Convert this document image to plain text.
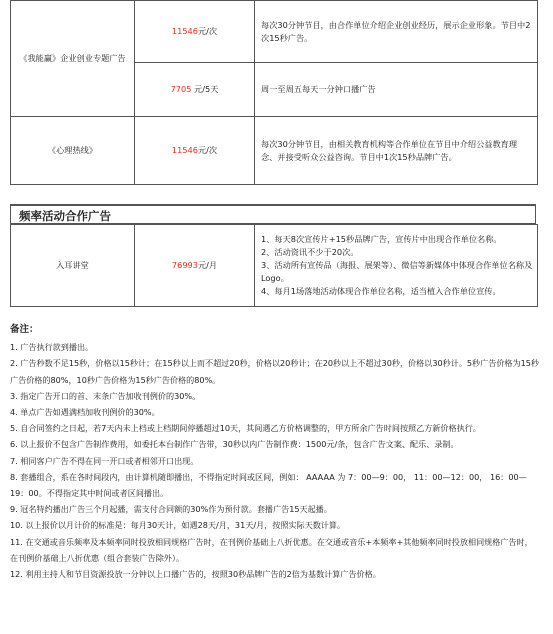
《我能赢》企业创业专题广告	11546元/次	每次30分钟节目，由合作单位介绍企业创业经历，展示企业形象。节目中2次15秒广告。
	7705 元/5天	周一至周五每天一分钟口播广告
《心理热线》	11546元/次	每次30分钟节目，由相关教育机构等合作单位在节目中介绍公益教育理念、并接受听众公益咨询。节目中1次15秒品牌广告。
频率活动合作广告
入耳讲堂	76993元/月	
1、每天8次宣传片+15秒品牌广告，宣传片中出现合作单位名称。
2、活动资讯不少于20次。
3、活动所有宣传品（海报、展架等）、微信等新媒体中体现合作单位名称及Logo。
4、每月1场落地活动体现合作单位名称，适当植入合作单位宣传。
备注：

1. 广告执行款到播出。

2. 广告秒数不足15秒，价格以15秒计；在15秒以上而不超过20秒，价格以20秒计；在20秒以上不超过30秒，价格以30秒计。5秒广告价格为15秒广告价格的80%，10秒广告价格为15秒广告价格的80%。

3. 指定广告开口的首、末条广告加收刊例价的30%。

4. 单点广告如遇满档加收刊例价的30%。

5. 自合同签约之日起，若7天内未上档或上档期间停播超过10天，其间遇乙方价格调整的，甲方所余广告时间按照乙方新价格执行。

6. 以上报价不包含广告制作费用，如委托本台制作广告带，30秒以内广告制作费：1500元/条，包含广告文案、配乐、录制。

7. 相同客户广告不得在同一开口或者相邻开口出现。

8. 套播组合，系在各时间段内，由计算机随即播出，不得指定时间或区间，例如： AAAAA 为 7：00—9：00， 11：00—12：00， 16：00—19：00。不得指定其中时间或者区间播出。

9. 冠名特约播出广告三个月起播，需支付合同额的30%作为预付款。套播广告15天起播。

10. 以上报价以月计价的标准是：每月30天计，如遇28天/月，31天/月，按照实际天数计算。

11. 在交通或音乐频率及本频率同时投放相同规格广告时，在刊例价基础上八折优惠。在交通或音乐+本频率+其他频率同时投放相同规格广告时，在刊例价基础上八折优惠（组合套装广告除外）。

12. 利用主持人和节目资源投放一分钟以上口播广告的，按照30秒品牌广告的2倍为基数计算广告价格。
